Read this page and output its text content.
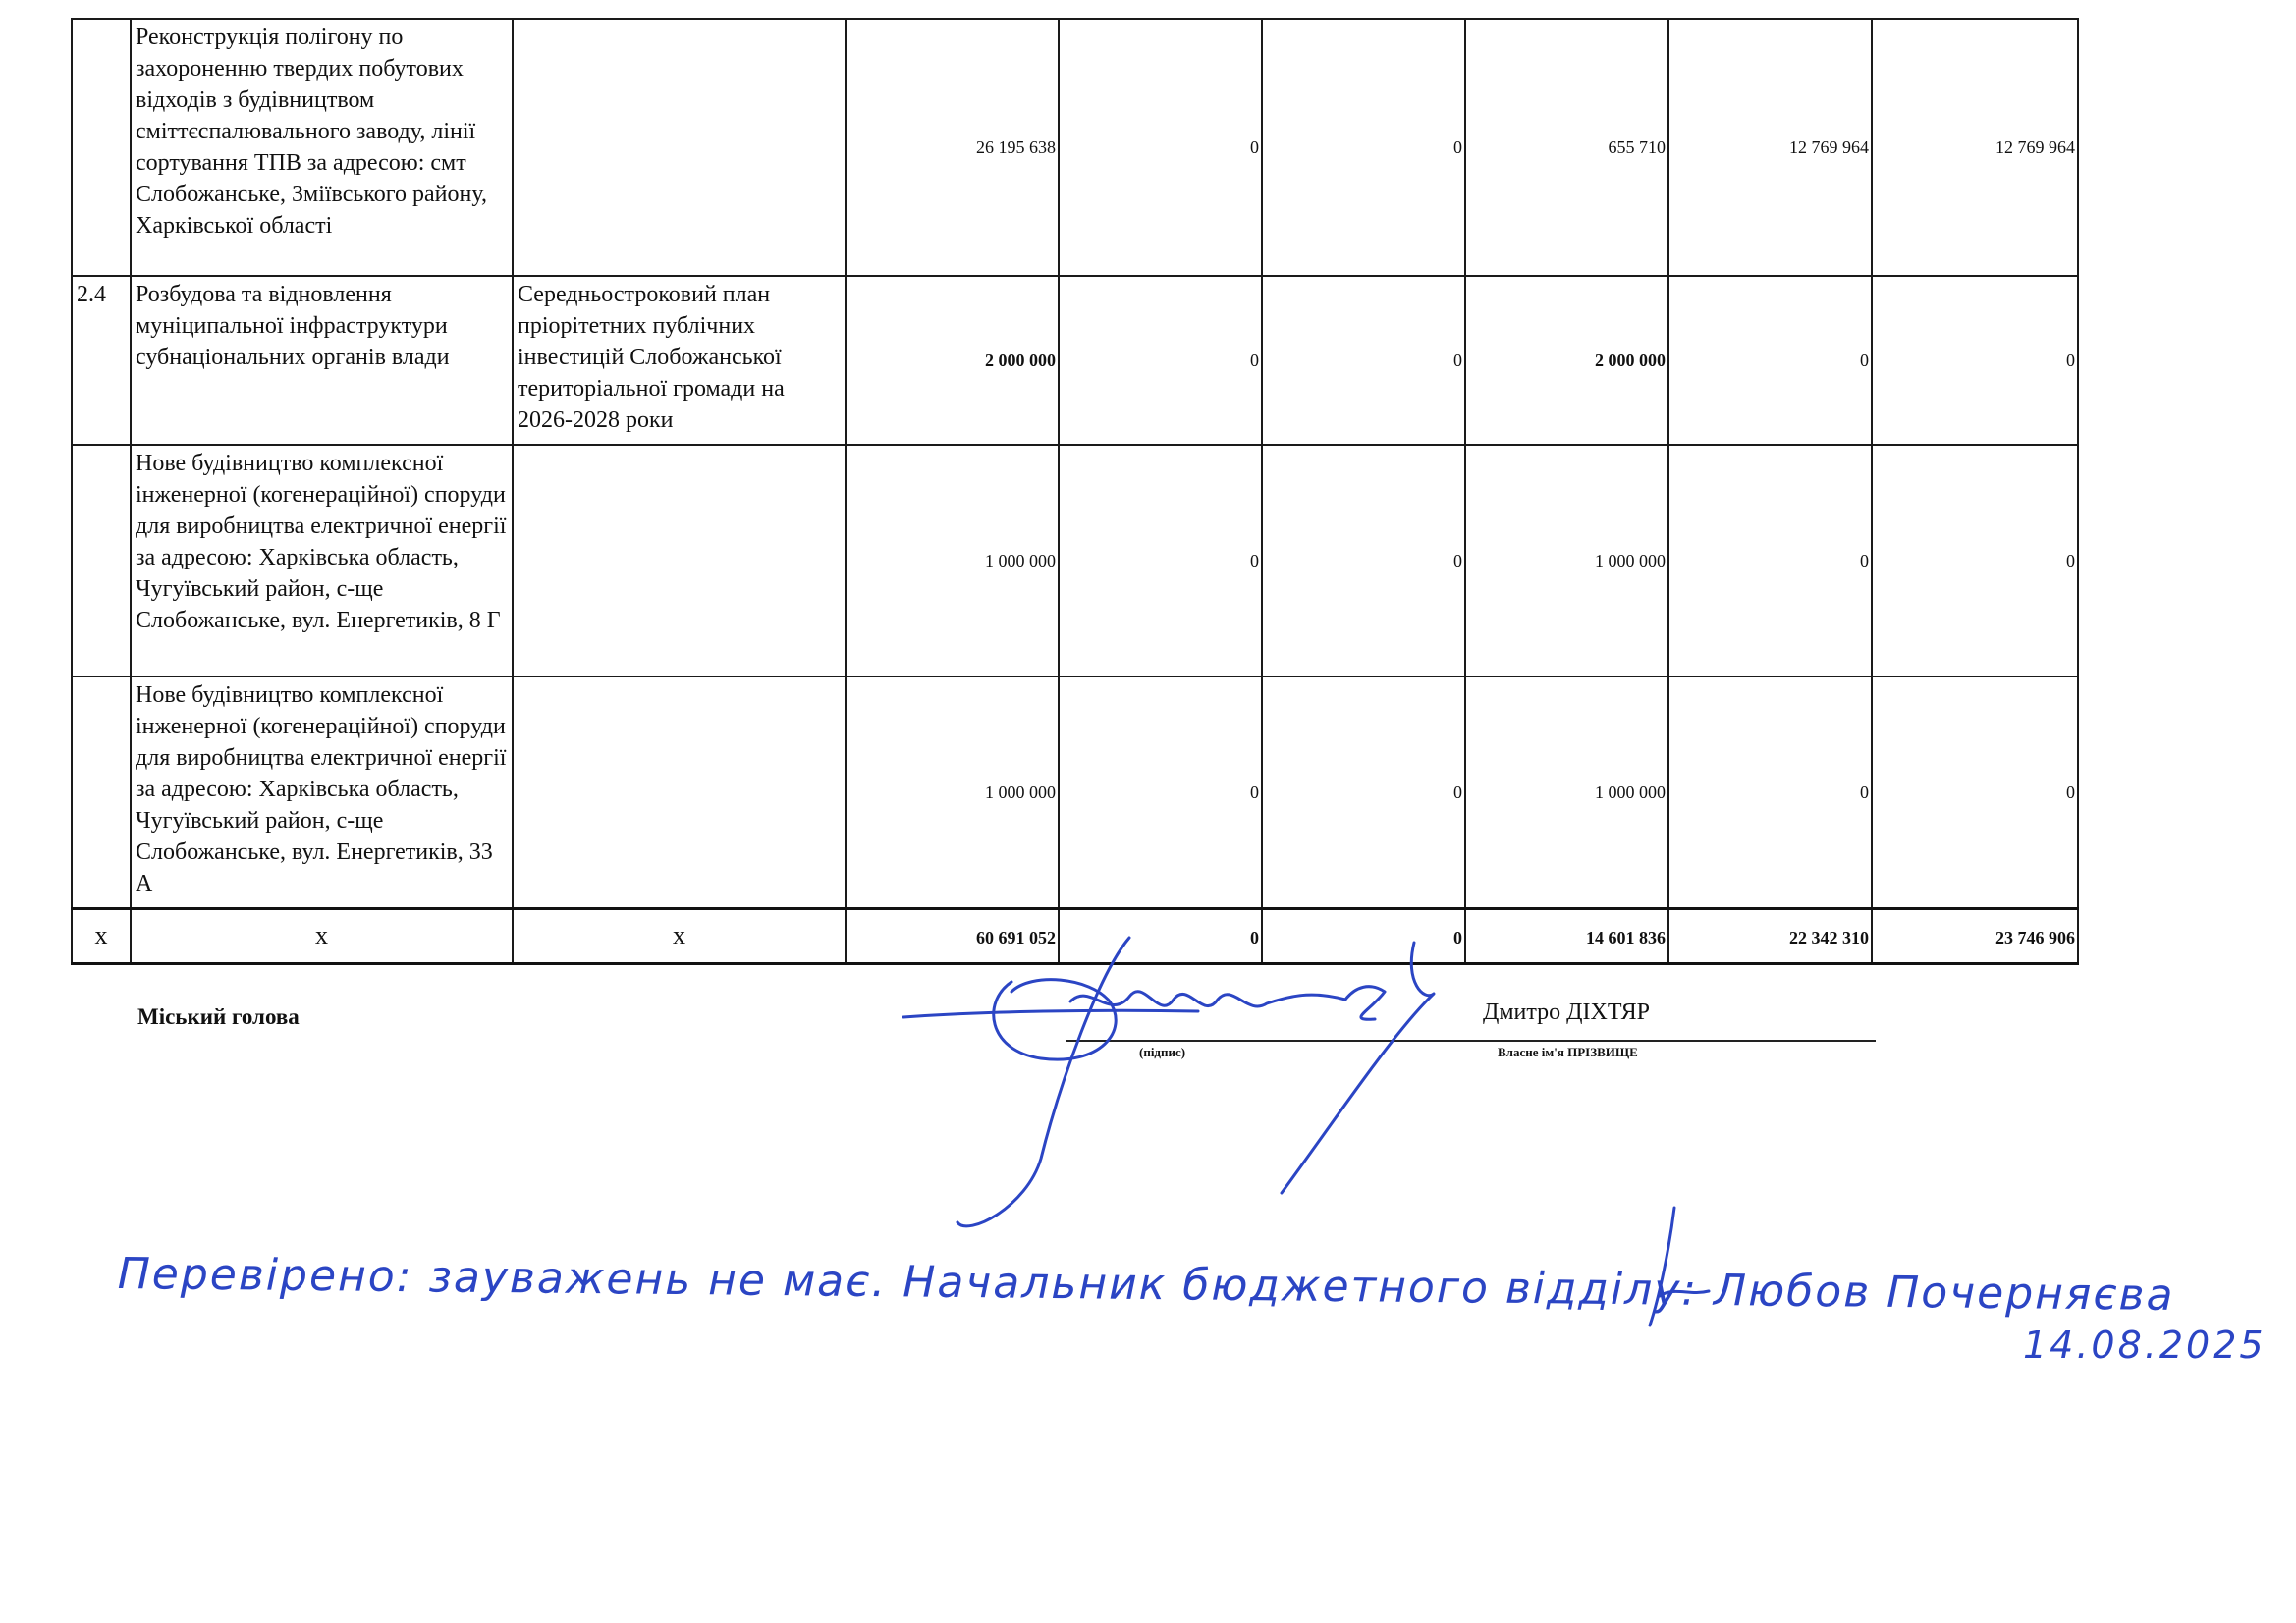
	Реконструкція полігону по захороненню твердих побутових відходів з будівництвом сміттєспалювального заводу, лінії сортування ТПВ за адресою: смт Слобожанське, Зміївського району, Харківської області		26 195 638	0	0	655 710	12 769 964	12 769 964
2.4	Розбудова та відновлення муніципальної інфраструктури субнаціональних органів влади	Середньостроковий план пріорітетних публічних інвестицій Слобожанської територіальної громади на 2026-2028 роки	2 000 000	0	0	2 000 000	0	0
	Нове будівництво комплексної інженерної (когенераційної) споруди для виробництва електричної енергії за адресою: Харківська область, Чугуївський район, с-ще Слобожанське, вул. Енергетиків, 8 Г		1 000 000	0	0	1 000 000	0	0
	Нове будівництво комплексної інженерної (когенераційної) споруди для виробництва електричної енергії за адресою: Харківська область, Чугуївський район, с-ще Слобожанське, вул. Енергетиків, 33 А		1 000 000	0	0	1 000 000	0	0
х	х	х	60 691 052	0	0	14 601 836	22 342 310	23 746 906
Міський голова	Дмитро ДІХТЯР
(підпис)	Власне ім'я ПРІЗВИЩЕ
Перевірено: зауважень не має. Начальник бюджетного відділу: Любов Почерняєва
14.08.2025
